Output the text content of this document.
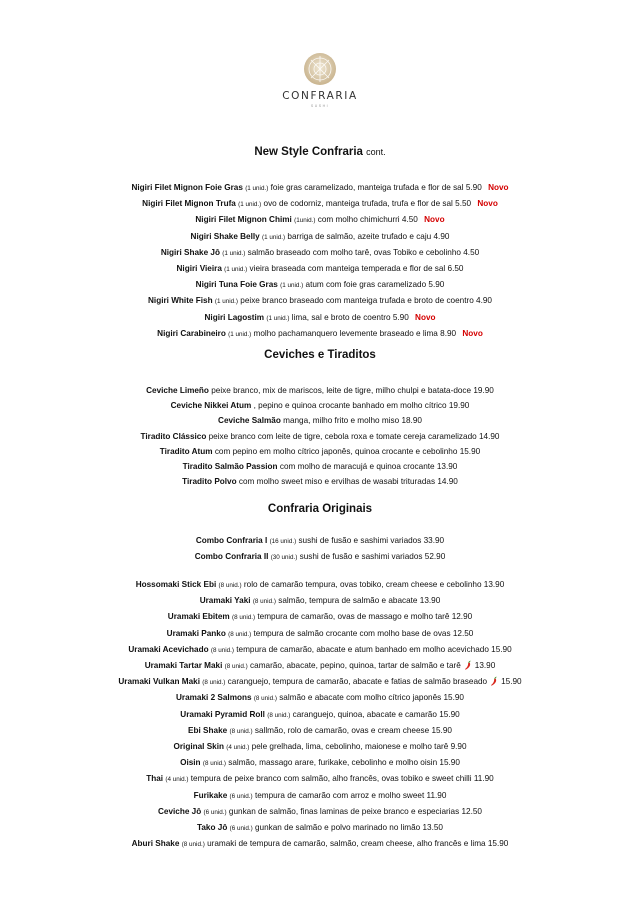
CONFRARIA
SUSHI
New Style Confraria cont.
Nigiri Filet Mignon Foie Gras (1 unid.) foie gras caramelizado, manteiga trufada e flor de sal 5.90 Novo
Nigiri Filet Mignon Trufa (1 unid.) ovo de codorniz, manteiga trufada, trufa e flor de sal 5.50 Novo
Nigiri Filet Mignon Chimi (1unid.) com molho chimichurri 4.50 Novo
Nigiri Shake Belly (1 unid.) barriga de salmão, azeite trufado e caju 4.90
Nigiri Shake Jô (1 unid.) salmão braseado com molho tarê, ovas Tobiko e cebolinho 4.50
Nigiri Vieira (1 unid.) vieira braseada com manteiga temperada e flor de sal 6.50
Nigiri Tuna Foie Gras (1 unid.) atum com foie gras caramelizado 5.90
Nigiri White Fish (1 unid.) peixe branco braseado com manteiga trufada e broto de coentro 4.90
Nigiri Lagostim (1 unid.) lima, sal e broto de coentro 5.90 Novo
Nigiri Carabineiro (1 unid.) molho pachamanquero levemente braseado e lima 8.90 Novo
Ceviches e Tiraditos
Ceviche Limeño peixe branco, mix de mariscos, leite de tigre, milho chulpi e batata-doce 19.90
Ceviche Nikkei Atum , pepino e quinoa crocante banhado em molho cítrico 19.90
Ceviche Salmão manga, milho frito e molho miso 18.90
Tiradito Clássico peixe branco com leite de tigre, cebola roxa e tomate cereja caramelizado 14.90
Tiradito Atum com pepino em molho cítrico japonês, quinoa crocante e cebolinho 15.90
Tiradito Salmão Passion com molho de maracujá e quinoa crocante 13.90
Tiradito Polvo com molho sweet miso e ervilhas de wasabi trituradas 14.90
Confraria Originais
Combo Confraria I (16 unid.) sushi de fusão e sashimi variados 33.90
Combo Confraria II (30 unid.) sushi de fusão e sashimi variados 52.90
Hossomaki Stick Ebi (8 unid.) rolo de camarão tempura, ovas tobiko, cream cheese e cebolinho 13.90
Uramaki Yaki (8 unid.) salmão, tempura de salmão e abacate 13.90
Uramaki Ebitem (8 unid.) tempura de camarão, ovas de massago e molho tarê 12.90
Uramaki Panko (8 unid.) tempura de salmão crocante com molho base de ovas 12.50
Uramaki Acevichado (8 unid.) tempura de camarão, abacate e atum banhado em molho acevichado 15.90
Uramaki Tartar Maki (8 unid.) camarão, abacate, pepino, quinoa, tartar de salmão e tarê 13.90
Uramaki Vulkan Maki (8 unid.) caranguejo, tempura de camarão, abacate e fatias de salmão braseado 15.90
Uramaki 2 Salmons (8 unid.) salmão e abacate com molho cítrico japonês 15.90
Uramaki Pyramid Roll (8 unid.) caranguejo, quinoa, abacate e camarão 15.90
Ebi Shake (8 unid.) sallmão, rolo de camarão, ovas e cream cheese 15.90
Original Skin (4 unid.) pele grelhada, lima, cebolinho, maionese e molho tarê 9.90
Oisin (8 unid.) salmão, massago arare, furikake, cebolinho e molho oisin 15.90
Thai (4 unid.) tempura de peixe branco com salmão, alho francês, ovas tobiko e sweet chilli 11.90
Furikake (6 unid.) tempura de camarão com arroz e molho sweet 11.90
Ceviche Jô (6 unid.) gunkan de salmão, finas laminas de peixe branco e especiarias 12.50
Tako Jô (6 unid.) gunkan de salmão e polvo marinado no limão 13.50
Aburi Shake (8 unid.) uramaki de tempura de camarão, salmão, cream cheese, alho francês e lima 15.90
